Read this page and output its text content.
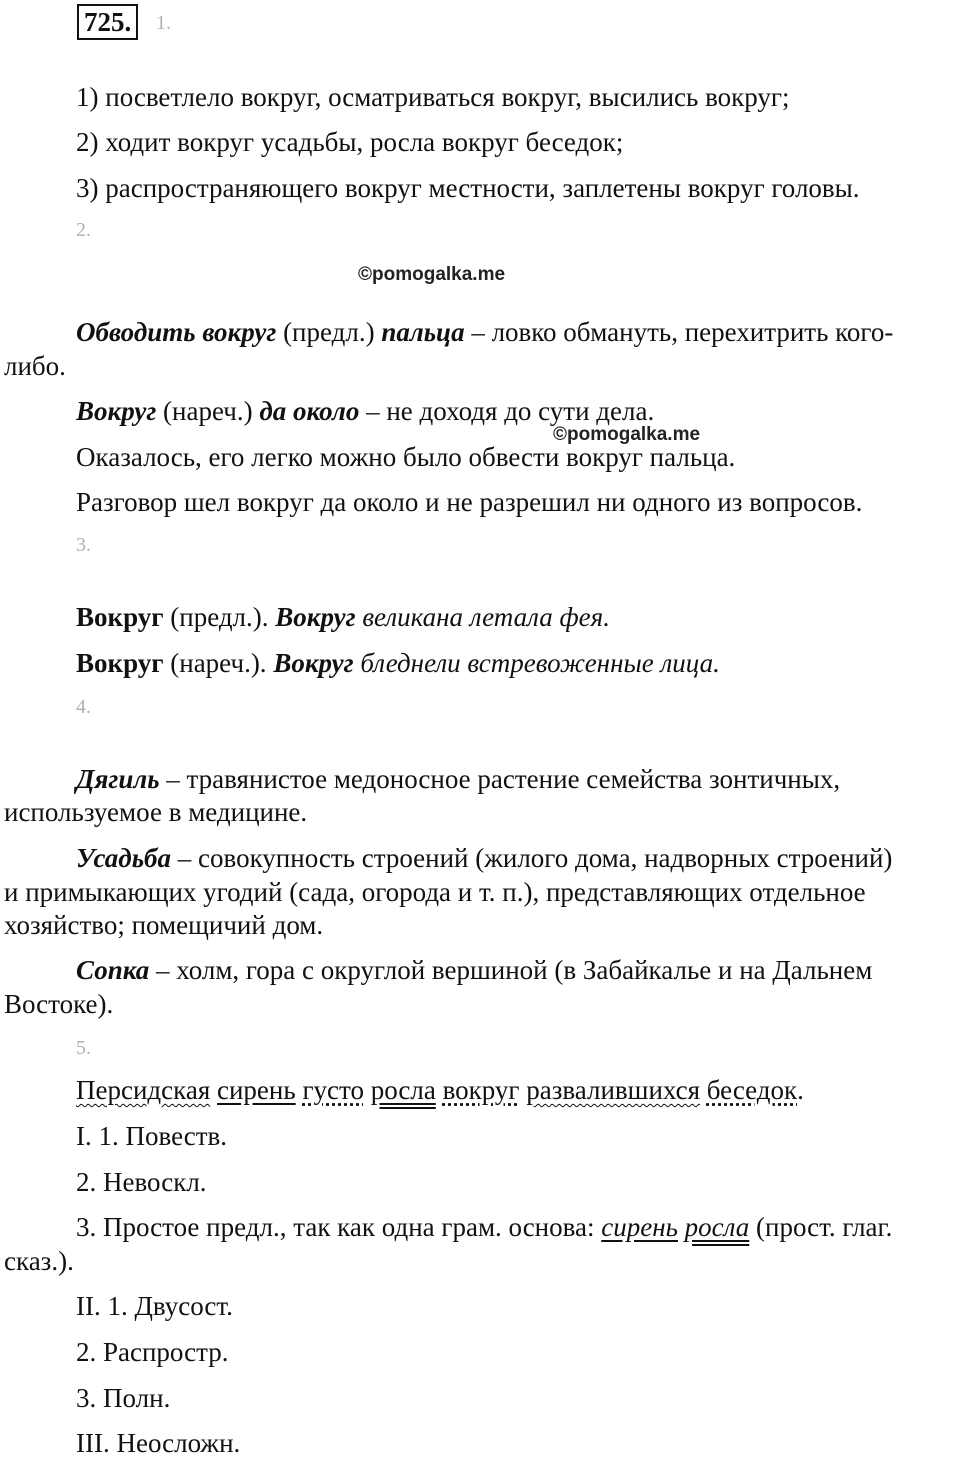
725.	1.
1) посветлело вокруг, осматриваться вокруг, высились вокруг;
2) ходит вокруг усадьбы, росла вокруг беседок;
3) распространяющего вокруг местности, заплетены вокруг головы.
2.
©pomogalka.me
Обводить вокруг (предл.) пальца – ловко обмануть, перехитрить кого-
либо.
Вокруг (нареч.) да около – не доходя до сути дела.
©pomogalka.me
Оказалось, его легко можно было обвести вокруг пальца.
Разговор шел вокруг да около и не разрешил ни одного из вопросов.
3.
Вокруг (предл.). Вокруг великана летала фея.
Вокруг (нареч.). Вокруг бледнели встревоженные лица.
4.
Дягиль – травянистое медоносное растение семейства зонтичных,
используемое в медицине.
Усадьба – совокупность строений (жилого дома, надворных строений)
и примыкающих угодий (сада, огорода и т. п.), представляющих отдельное
хозяйство; помещичий дом.
Сопка – холм, гора с округлой вершиной (в Забайкалье и на Дальнем
Востоке).
5.
Персидская сирень густо росла вокруг развалившихся беседок.
I. 1. Повеств.
2. Невоскл.
3. Простое предл., так как одна грам. основа: сирень росла (прост. глаг.
сказ.).
II. 1. Двусост.
2. Распростр.
3. Полн.
III. Неосложн.
